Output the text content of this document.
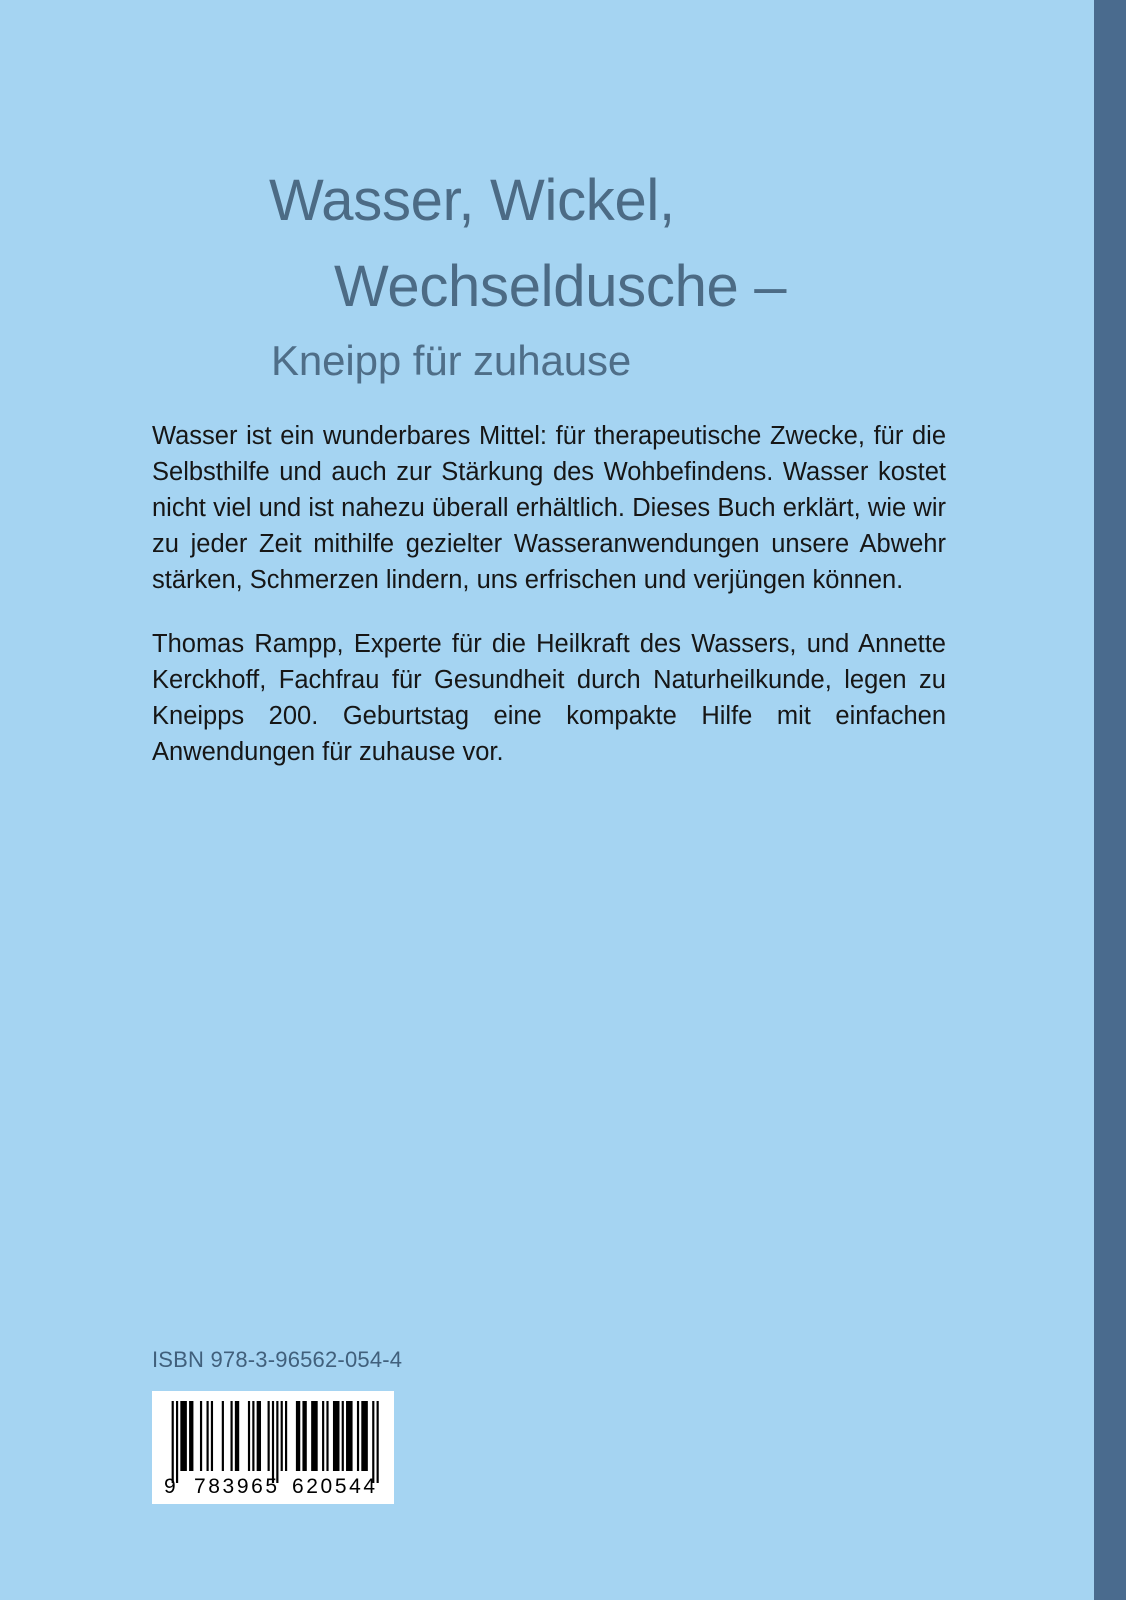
Wasser, Wickel,
Wechseldusche –
Kneipp für zuhause

Wasser ist ein wunderbares Mittel: für therapeutische Zwecke, für die Selbsthilfe und auch zur Stärkung des Wohbefindens. Wasser kostet nicht viel und ist nahezu überall erhältlich. Dieses Buch erklärt, wie wir zu jeder Zeit mithilfe gezielter Wasseranwendungen unsere Abwehr stärken, Schmerzen lindern, uns erfrischen und verjüngen können.

Thomas Rampp, Experte für die Heilkraft des Wassers, und Annette Kerckhoff, Fachfrau für Gesundheit durch Naturheilkunde, legen zu Kneipps 200. Geburtstag eine kompakte Hilfe mit einfachen Anwendungen für zuhause vor.

ISBN 978-3-96562-054-4
9 783965 620544
